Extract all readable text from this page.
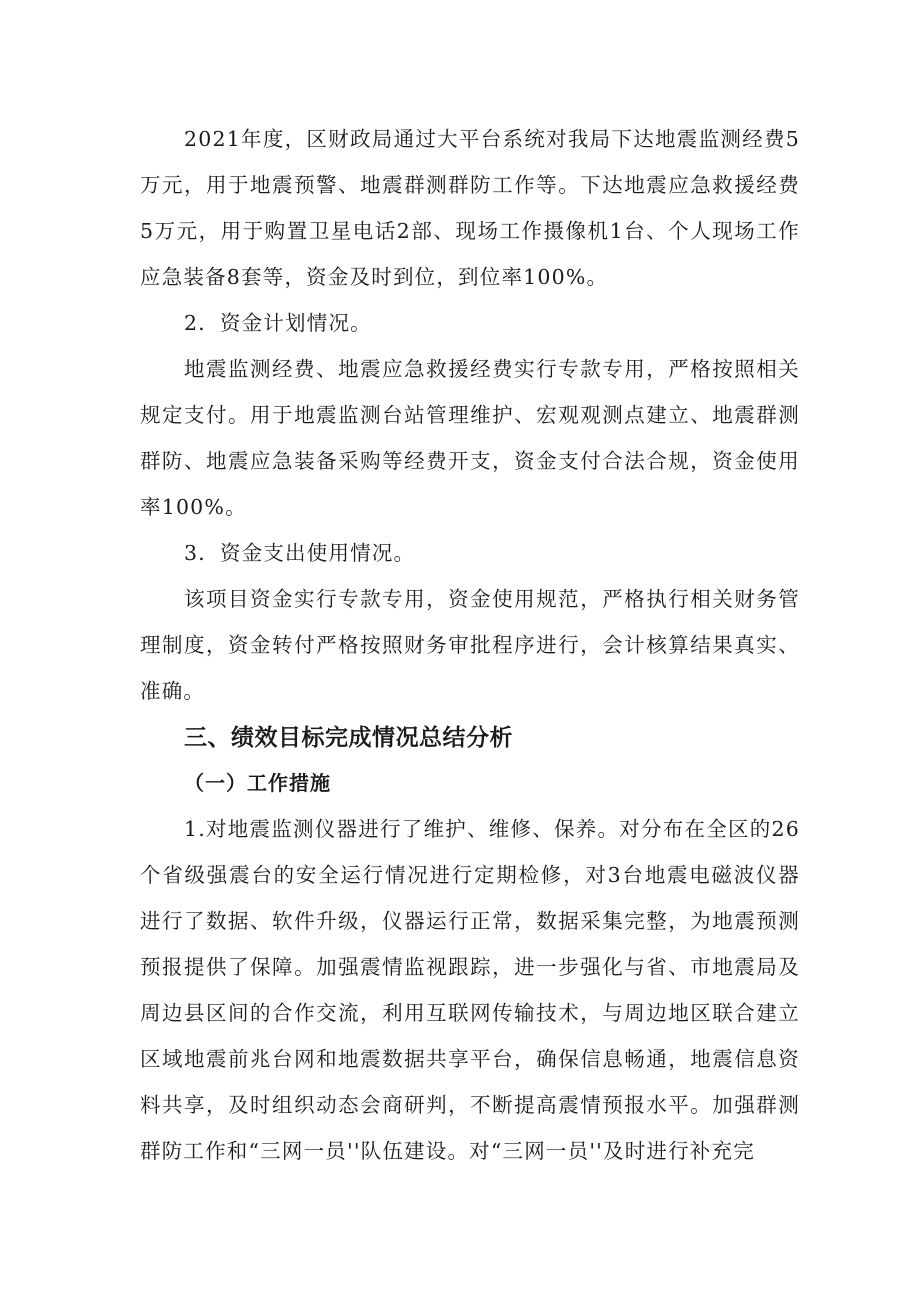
2021年度，区财政局通过大平台系统对我局下达地震监测经费5万元，用于地震预警、地震群测群防工作等。下达地震应急救援经费5万元，用于购置卫星电话2部、现场工作摄像机1台、个人现场工作应急装备8套等，资金及时到位，到位率100%。

2．资金计划情况。

地震监测经费、地震应急救援经费实行专款专用，严格按照相关规定支付。用于地震监测台站管理维护、宏观观测点建立、地震群测群防、地震应急装备采购等经费开支，资金支付合法合规，资金使用率100%。

3．资金支出使用情况。

该项目资金实行专款专用，资金使用规范，严格执行相关财务管理制度，资金转付严格按照财务审批程序进行，会计核算结果真实、准确。

三、绩效目标完成情况总结分析
（一）工作措施

1.对地震监测仪器进行了维护、维修、保养。对分布在全区的26个省级强震台的安全运行情况进行定期检修，对3台地震电磁波仪器进行了数据、软件升级，仪器运行正常，数据采集完整，为地震预测预报提供了保障。加强震情监视跟踪，进一步强化与省、市地震局及周边县区间的合作交流，利用互联网传输技术，与周边地区联合建立区域地震前兆台网和地震数据共享平台，确保信息畅通，地震信息资料共享，及时组织动态会商研判，不断提高震情预报水平。加强群测群防工作和“三网一员''队伍建设。对“三网一员''及时进行补充完
